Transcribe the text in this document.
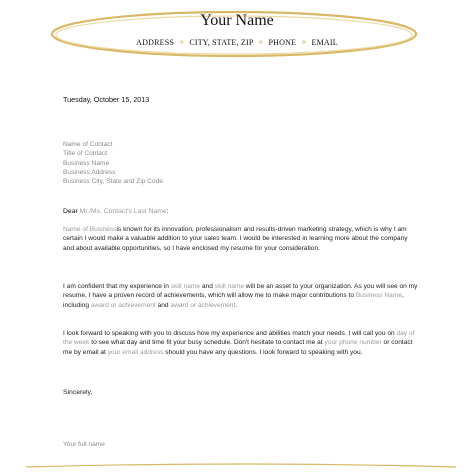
Your Name
ADDRESS ✧ CITY, STATE, ZIP ✧ PHONE ✧ EMAIL
Tuesday, October 15, 2013
Name of Contact
Title of Contact
Business Name
Business Address
Business City, State and Zip Code
Dear Mr./Ms. Contact's Last Name:
Name of Businessis known for its innovation, professionalism and results-driven marketing strategy, which is why I am certain I would make a valuable addition to your sales team. I would be interested in learning more about the company and about available opportunities, so I have enclosed my resume for your consideration.
I am confident that my experience in skill name and skill name will be an asset to your organization. As you will see on my resume, I have a proven record of achievements, which will allow me to make major contributions to Business Name, including award or achievement and award or achievement.
I look forward to speaking with you to discuss how my experience and abilities match your needs. I will call you on day of the week to see what day and time fit your busy schedule. Don't hesitate to contact me at your phone number or contact me by email at your email address should you have any questions. I look forward to speaking with you.
Sincerely,
Your full name
